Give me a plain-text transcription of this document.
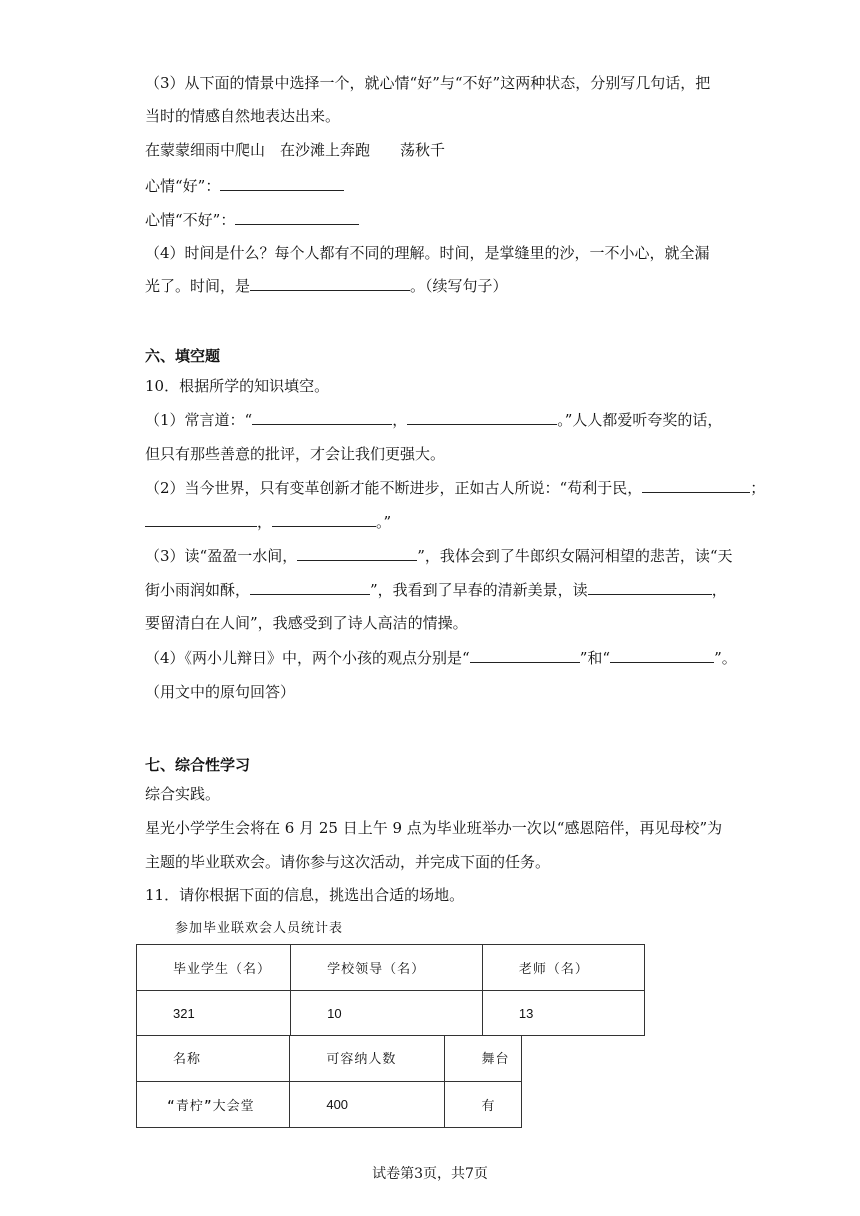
（3）从下面的情景中选择一个，就心情“好”与“不好”这两种状态，分别写几句话，把
当时的情感自然地表达出来。
在蒙蒙细雨中爬山　在沙滩上奔跑　　荡秋千
心情“好”：
心情“不好”：
（4）时间是什么？每个人都有不同的理解。时间，是掌缝里的沙，一不小心，就全漏
光了。时间，是	。（续写句子）
六、填空题
10．根据所学的知识填空。
（1）常言道：“	，	。”人人都爱听夸奖的话，
但只有那些善意的批评，才会让我们更强大。
（2）当今世界，只有变革创新才能不断进步，正如古人所说：“苟利于民，	；
，	。”
（3）读“盈盈一水间，	”，我体会到了牛郎织女隔河相望的悲苦，读“天
街小雨润如酥，	”，我看到了早春的清新美景，读	，
要留清白在人间”，我感受到了诗人高洁的情操。
（4）《两小儿辩日》中，两个小孩的观点分别是“	”和“	”。
（用文中的原句回答）
七、综合性学习
综合实践。
星光小学学生会将在 6 月 25 日上午 9 点为毕业班举办一次以“感恩陪伴，再见母校”为
主题的毕业联欢会。请你参与这次活动，并完成下面的任务。
11．请你根据下面的信息，挑选出合适的场地。
参加毕业联欢会人员统计表
毕业学生（名）	学校领导（名）	老师（名）
321	10	13
名称	可容纳人数	舞台
“青柠”大会堂	400	有
试卷第3页，共7页
